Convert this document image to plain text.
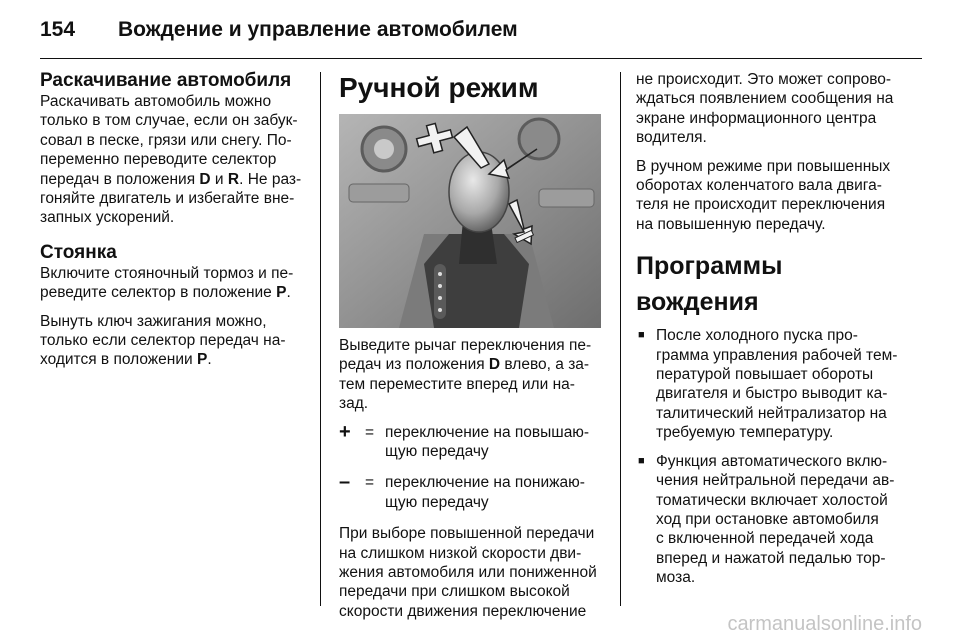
154	Вождение и управление автомобилем
Раскачивание автомобиля

Раскачивать автомобиль можно
только в том случае, если он забук-
совал в песке, грязи или снегу. По-
переменно переводите селектор
передач в положения D и R. Не раз-
гоняйте двигатель и избегайте вне-
запных ускорений.

Стоянка

Включите стояночный тормоз и пе-
реведите селектор в положение P.

Вынуть ключ зажигания можно,
только если селектор передач на-
ходится в положении P.

Ручной режим

Выведите рычаг переключения пе-
редач из положения D влево, а за-
тем переместите вперед или на-
зад.

+ = переключение на повышаю-
щую передачу
– = переключение на понижаю-
щую передачу

При выборе повышенной передачи
на слишком низкой скорости дви-
жения автомобиля или пониженной
передачи при слишком высокой
скорости движения переключение

не происходит. Это может сопрово-
ждаться появлением сообщения на
экране информационного центра
водителя.

В ручном режиме при повышенных
оборотах коленчатого вала двига-
теля не происходит переключения
на повышенную передачу.

Программы вождения
■ После холодного пуска про-
грамма управления рабочей тем-
пературой повышает обороты
двигателя и быстро выводит ка-
талитический нейтрализатор на
требуемую температуру.
■ Функция автоматического вклю-
чения нейтральной передачи ав-
томатически включает холостой
ход при остановке автомобиля
с включенной передачей хода
вперед и нажатой педалью тор-
моза.
carmanualsonline.info
